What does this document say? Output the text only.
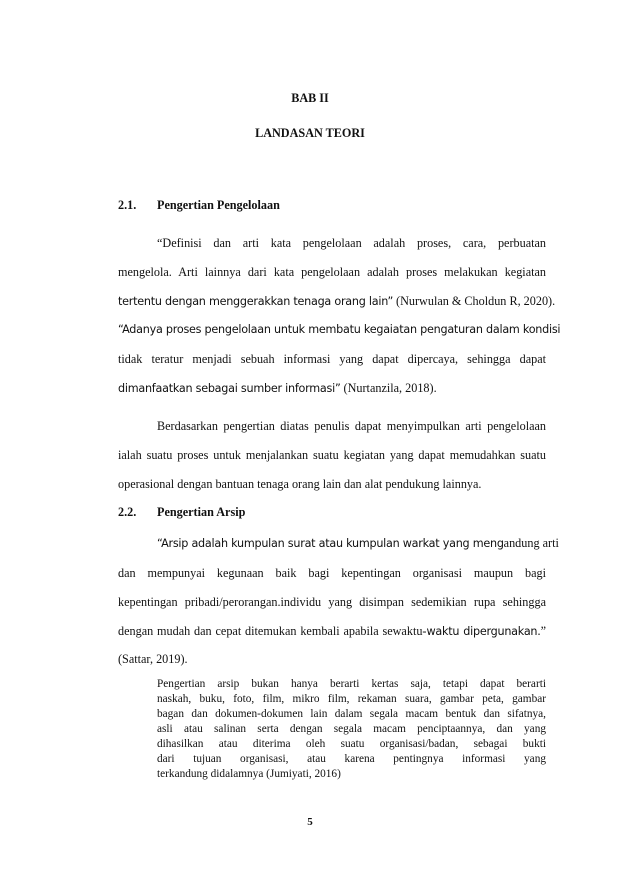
BAB II
LANDASAN TEORI
2.1. Pengertian Pengelolaan
“Definisi dan arti kata pengelolaan adalah proses, cara, perbuatan
mengelola. Arti lainnya dari kata pengelolaan adalah proses melakukan kegiatan
tertentu dengan menggerakkan tenaga orang lain” (Nurwulan & Choldun R, 2020).
“Adanya proses pengelolaan untuk membatu kegaiatan pengaturan dalam kondisi
tidak teratur menjadi sebuah informasi yang dapat dipercaya, sehingga dapat
dimanfaatkan sebagai sumber informasi” (Nurtanzila, 2018).
Berdasarkan pengertian diatas penulis dapat menyimpulkan arti pengelolaan
ialah suatu proses untuk menjalankan suatu kegiatan yang dapat memudahkan suatu
operasional dengan bantuan tenaga orang lain dan alat pendukung lainnya.
2.2. Pengertian Arsip
“Arsip adalah kumpulan surat atau kumpulan warkat yang mengandung arti
dan mempunyai kegunaan baik bagi kepentingan organisasi maupun bagi
kepentingan pribadi/perorangan.individu yang disimpan sedemikian rupa sehingga
dengan mudah dan cepat ditemukan kembali apabila sewaktu-waktu dipergunakan.”
(Sattar, 2019).
Pengertian arsip bukan hanya berarti kertas saja, tetapi dapat berarti
naskah, buku, foto, film, mikro film, rekaman suara, gambar peta, gambar
bagan dan dokumen-dokumen lain dalam segala macam bentuk dan sifatnya,
asli atau salinan serta dengan segala macam penciptaannya, dan yang
dihasilkan atau diterima oleh suatu organisasi/badan, sebagai bukti
dari tujuan organisasi, atau karena pentingnya informasi yang
terkandung didalamnya (Jumiyati, 2016)
5
